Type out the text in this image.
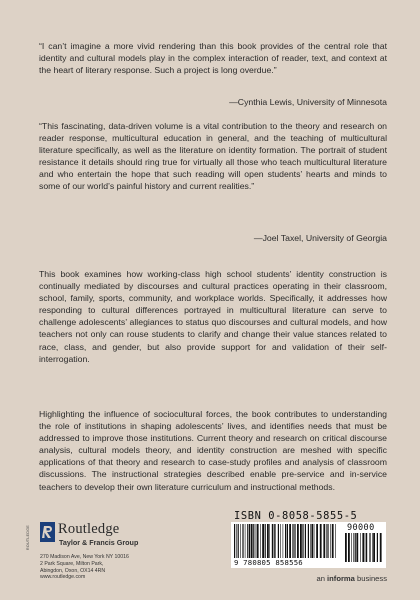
“I can’t imagine a more vivid rendering than this book provides of the central role that identity and cultural models play in the complex interaction of reader, text, and context at the heart of literary response. Such a project is long overdue.”

—Cynthia Lewis, University of Minnesota

“This fascinating, data-driven volume is a vital contribution to the theory and research on reader response, multicultural education in general, and the teaching of multicultural literature specifically, as well as the literature on identity formation. The portrait of student resistance it details should ring true for virtually all those who teach multicultural literature and who entertain the hope that such reading will open students’ hearts and minds to some of our world’s painful history and current realities.”

—Joel Taxel, University of Georgia

This book examines how working-class high school students’ identity construction is continually mediated by discourses and cultural practices operating in their classroom, school, family, sports, community, and workplace worlds. Specifically, it addresses how responding to cultural differences portrayed in multicultural literature can serve to challenge adolescents’ allegiances to status quo discourses and cultural models, and how teachers not only can rouse students to clarify and change their value stances related to race, class, and gender, but also provide support for and validation of their self-interrogation.

Highlighting the influence of sociocultural forces, the book contributes to understanding the role of institutions in shaping adolescents’ lives, and identifies needs that must be addressed to improve those institutions. Current theory and research on critical discourse analysis, cultural models theory, and identity construction are meshed with specific applications of that theory and research to case-study profiles and analysis of classroom discussions. The instructional strategies described enable pre-service and in-service teachers to develop their own literature curriculum and instructional methods.

ROUTLEDGE	Routledge
Taylor & Francis Group
270 Madison Ave, New York NY 10016
2 Park Square, Milton Park,
Abingdon, Oxon, OX14 4RN
www.routledge.com
ISBN 0-8058-5855-5
90000
9 780805 858556
an informa business
